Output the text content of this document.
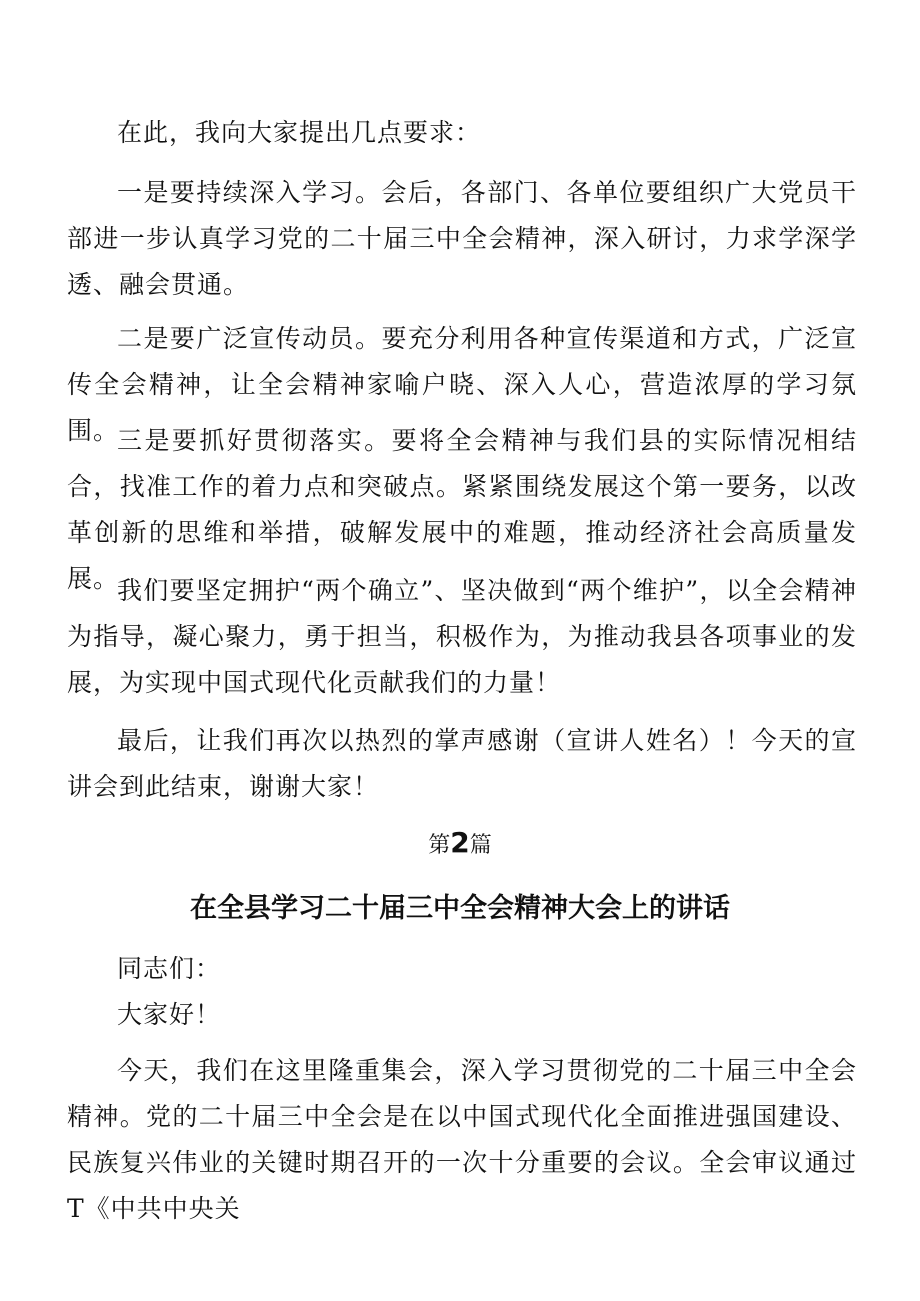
在此，我向大家提出几点要求：

一是要持续深入学习。会后，各部门、各单位要组织广大党员干部进一步认真学习党的二十届三中全会精神，深入研讨，力求学深学透、融会贯通。

二是要广泛宣传动员。要充分利用各种宣传渠道和方式，广泛宣传全会精神，让全会精神家喻户晓、深入人心，营造浓厚的学习氛围。

三是要抓好贯彻落实。要将全会精神与我们县的实际情况相结合，找准工作的着力点和突破点。紧紧围绕发展这个第一要务，以改革创新的思维和举措，破解发展中的难题，推动经济社会高质量发展。

我们要坚定拥护“两个确立”、坚决做到“两个维护”，以全会精神为指导，凝心聚力，勇于担当，积极作为，为推动我县各项事业的发展，为实现中国式现代化贡献我们的力量！

最后，让我们再次以热烈的掌声感谢（宣讲人姓名）！今天的宣讲会到此结束，谢谢大家！

第2篇
在全县学习二十届三中全会精神大会上的讲话

同志们：

大家好！

今天，我们在这里隆重集会，深入学习贯彻党的二十届三中全会精神。党的二十届三中全会是在以中国式现代化全面推进强国建设、民族复兴伟业的关键时期召开的一次十分重要的会议。全会审议通过T《中共中央关
